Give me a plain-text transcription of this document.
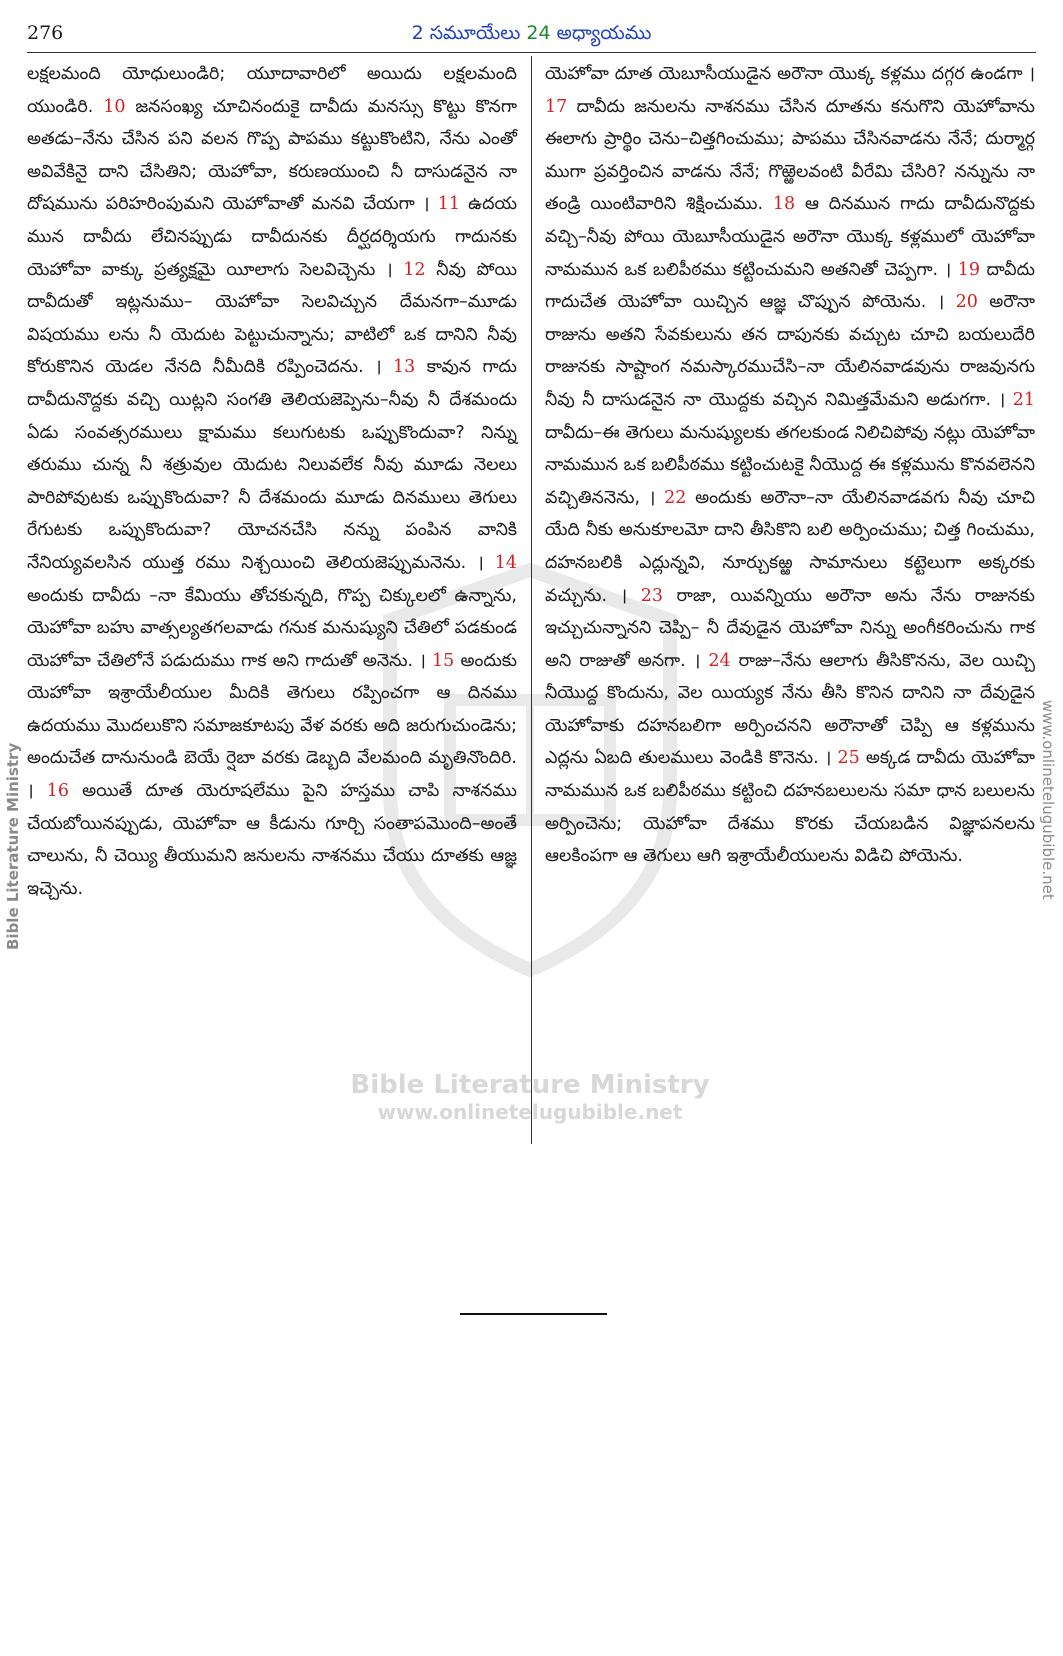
276	2 సమూయేలు 24 అధ్యాయము

లక్షలమంది యోధులుండిరి; యూదావారిలో అయిదు లక్షలమంది యుండిరి. 10 జనసంఖ్య చూచినందుకై దావీదు మనస్సు కొట్టు కొనగా అతడు–నేను చేసిన పని వలన గొప్ప పాపము కట్టుకొంటిని, నేను ఎంతో అవివేకినై దాని చేసితిని; యెహోవా, కరుణయుంచి నీ దాసుడనైన నా దోషమును పరిహరింపుమని యెహోవాతో మనవి చేయగా । 11 ఉదయ మున దావీదు లేచినప్పుడు దావీదునకు దీర్ఘదర్శియగు గాదునకు యెహోవా వాక్కు ప్రత్యక్షమై యీలాగు సెలవిచ్చెను । 12 నీవు పోయి దావీదుతో ఇట్లనుము– యెహోవా సెలవిచ్చున దేమనగా–మూడు విషయము లను నీ యెదుట పెట్టుచున్నాను; వాటిలో ఒక దానిని నీవు కోరుకొనిన యెడల నేనది నీమీదికి రప్పించెదను. । 13 కావున గాదు దావీదునొద్దకు వచ్చి యిట్లని సంగతి తెలియజెప్పెను–నీవు నీ దేశమందు ఏడు సంవత్సరములు క్షామము కలుగుటకు ఒప్పుకొందువా? నిన్ను తరుము చున్న నీ శత్రువుల యెదుట నిలువలేక నీవు మూడు నెలలు పారిపోవుటకు ఒప్పుకొందువా? నీ దేశమందు మూడు దినములు తెగులు రేగుటకు ఒప్పుకొందువా? యోచనచేసి నన్ను పంపిన వానికి నేనియ్యవలసిన యుత్త రము నిశ్చయించి తెలియజెప్పుమనెను. । 14 అందుకు దావీదు –నా కేమియు తోచకున్నది, గొప్ప చిక్కులలో ఉన్నాను, యెహోవా బహు వాత్సల్యతగలవాడు గనుక మనుష్యుని చేతిలో పడకుండ యెహోవా చేతిలోనే పడుదుము గాక అని గాదుతో అనెను. । 15 అందుకు యెహోవా ఇశ్రాయేలీయుల మీదికి తెగులు రప్పించగా ఆ దినము ఉదయము మొదలుకొని సమాజకూటపు వేళ వరకు అది జరుగుచుండెను; అందుచేత దానునుండి బెయే ర్షెబా వరకు డెబ్బది వేలమంది మృతినొందిరి. । 16 అయితే దూత యెరూషలేము పైని హస్తము చాపి నాశనము చేయబోయినప్పుడు, యెహోవా ఆ కీడును గూర్చి సంతాపమొంది–అంతే చాలును, నీ చెయ్యి తీయుమని జనులను నాశనము చేయు దూతకు ఆజ్ఞ ఇచ్చెను.

యెహోవా దూత యెబూసీయుడైన అరౌనా యొక్క కళ్లము దగ్గర ఉండగా । 17 దావీదు జనులను నాశనము చేసిన దూతను కనుగొని యెహోవాను ఈలాగు ప్రార్థిం చెను–చిత్తగించుము; పాపము చేసినవాడను నేనే; దుర్మార్గ ముగా ప్రవర్తించిన వాడను నేనే; గొఱ్ఱెలవంటి వీరేమి చేసిరి? నన్నును నా తండ్రి యింటివారిని శిక్షించుము. 18 ఆ దినమున గాదు దావీదునొద్దకు వచ్చి–నీవు పోయి యెబూసీయుడైన అరౌనా యొక్క కళ్లములో యెహోవా నామమున ఒక బలిపీఠము కట్టించుమని అతనితో చెప్పగా. । 19 దావీదు గాదుచేత యెహోవా యిచ్చిన ఆజ్ఞ చొప్పున పోయెను. । 20 అరౌనా రాజును అతని సేవకులును తన దాపునకు వచ్చుట చూచి బయలుదేరి రాజునకు సాష్టాంగ నమస్కారముచేసి–నా యేలినవాడవును రాజవునగు నీవు నీ దాసుడనైన నా యొద్దకు వచ్చిన నిమిత్తమేమని అడుగగా. । 21 దావీదు–ఈ తెగులు మనుష్యులకు తగలకుండ నిలిచిపోవు నట్లు యెహోవా నామమున ఒక బలిపీఠము కట్టించుటకై నీయొద్ద ఈ కళ్లమును కొనవలెనని వచ్చితిననెను, । 22 అందుకు అరౌనా–నా యేలినవాడవగు నీవు చూచి యేది నీకు అనుకూలమో దాని తీసికొని బలి అర్పించుము; చిత్త గించుము, దహనబలికి ఎద్లున్నవి, నూర్చుకఱ్ఱ సామానులు కట్టెలుగా అక్కరకు వచ్చును. । 23 రాజా, యివన్నియు అరౌనా అను నేను రాజునకు ఇచ్చుచున్నానని చెప్పి– నీ దేవుడైన యెహోవా నిన్ను అంగీకరించును గాక అని రాజుతో అనగా. । 24 రాజు–నేను ఆలాగు తీసికొనను, వెల యిచ్చి నీయొద్ద కొందును, వెల యియ్యక నేను తీసి కొనిన దానిని నా దేవుడైన యెహోవాకు దహనబలిగా అర్పించనని అరౌనాతో చెప్పి ఆ కళ్లమును ఎద్లను ఏబది తులములు వెండికి కొనెను. । 25 అక్కడ దావీదు యెహోవా నామమున ఒక బలిపీఠము కట్టించి దహనబలులను సమా ధాన బలులను అర్పించెను; యెహోవా దేశము కొరకు చేయబడిన విజ్ఞాపనలను ఆలకింపగా ఆ తెగులు ఆగి ఇశ్రాయేలీయులను విడిచి పోయెను.

Bible Literature Ministry	www.onlinetelugubible.net
Bible Literature Ministry
www.onlinetelugubible.net
